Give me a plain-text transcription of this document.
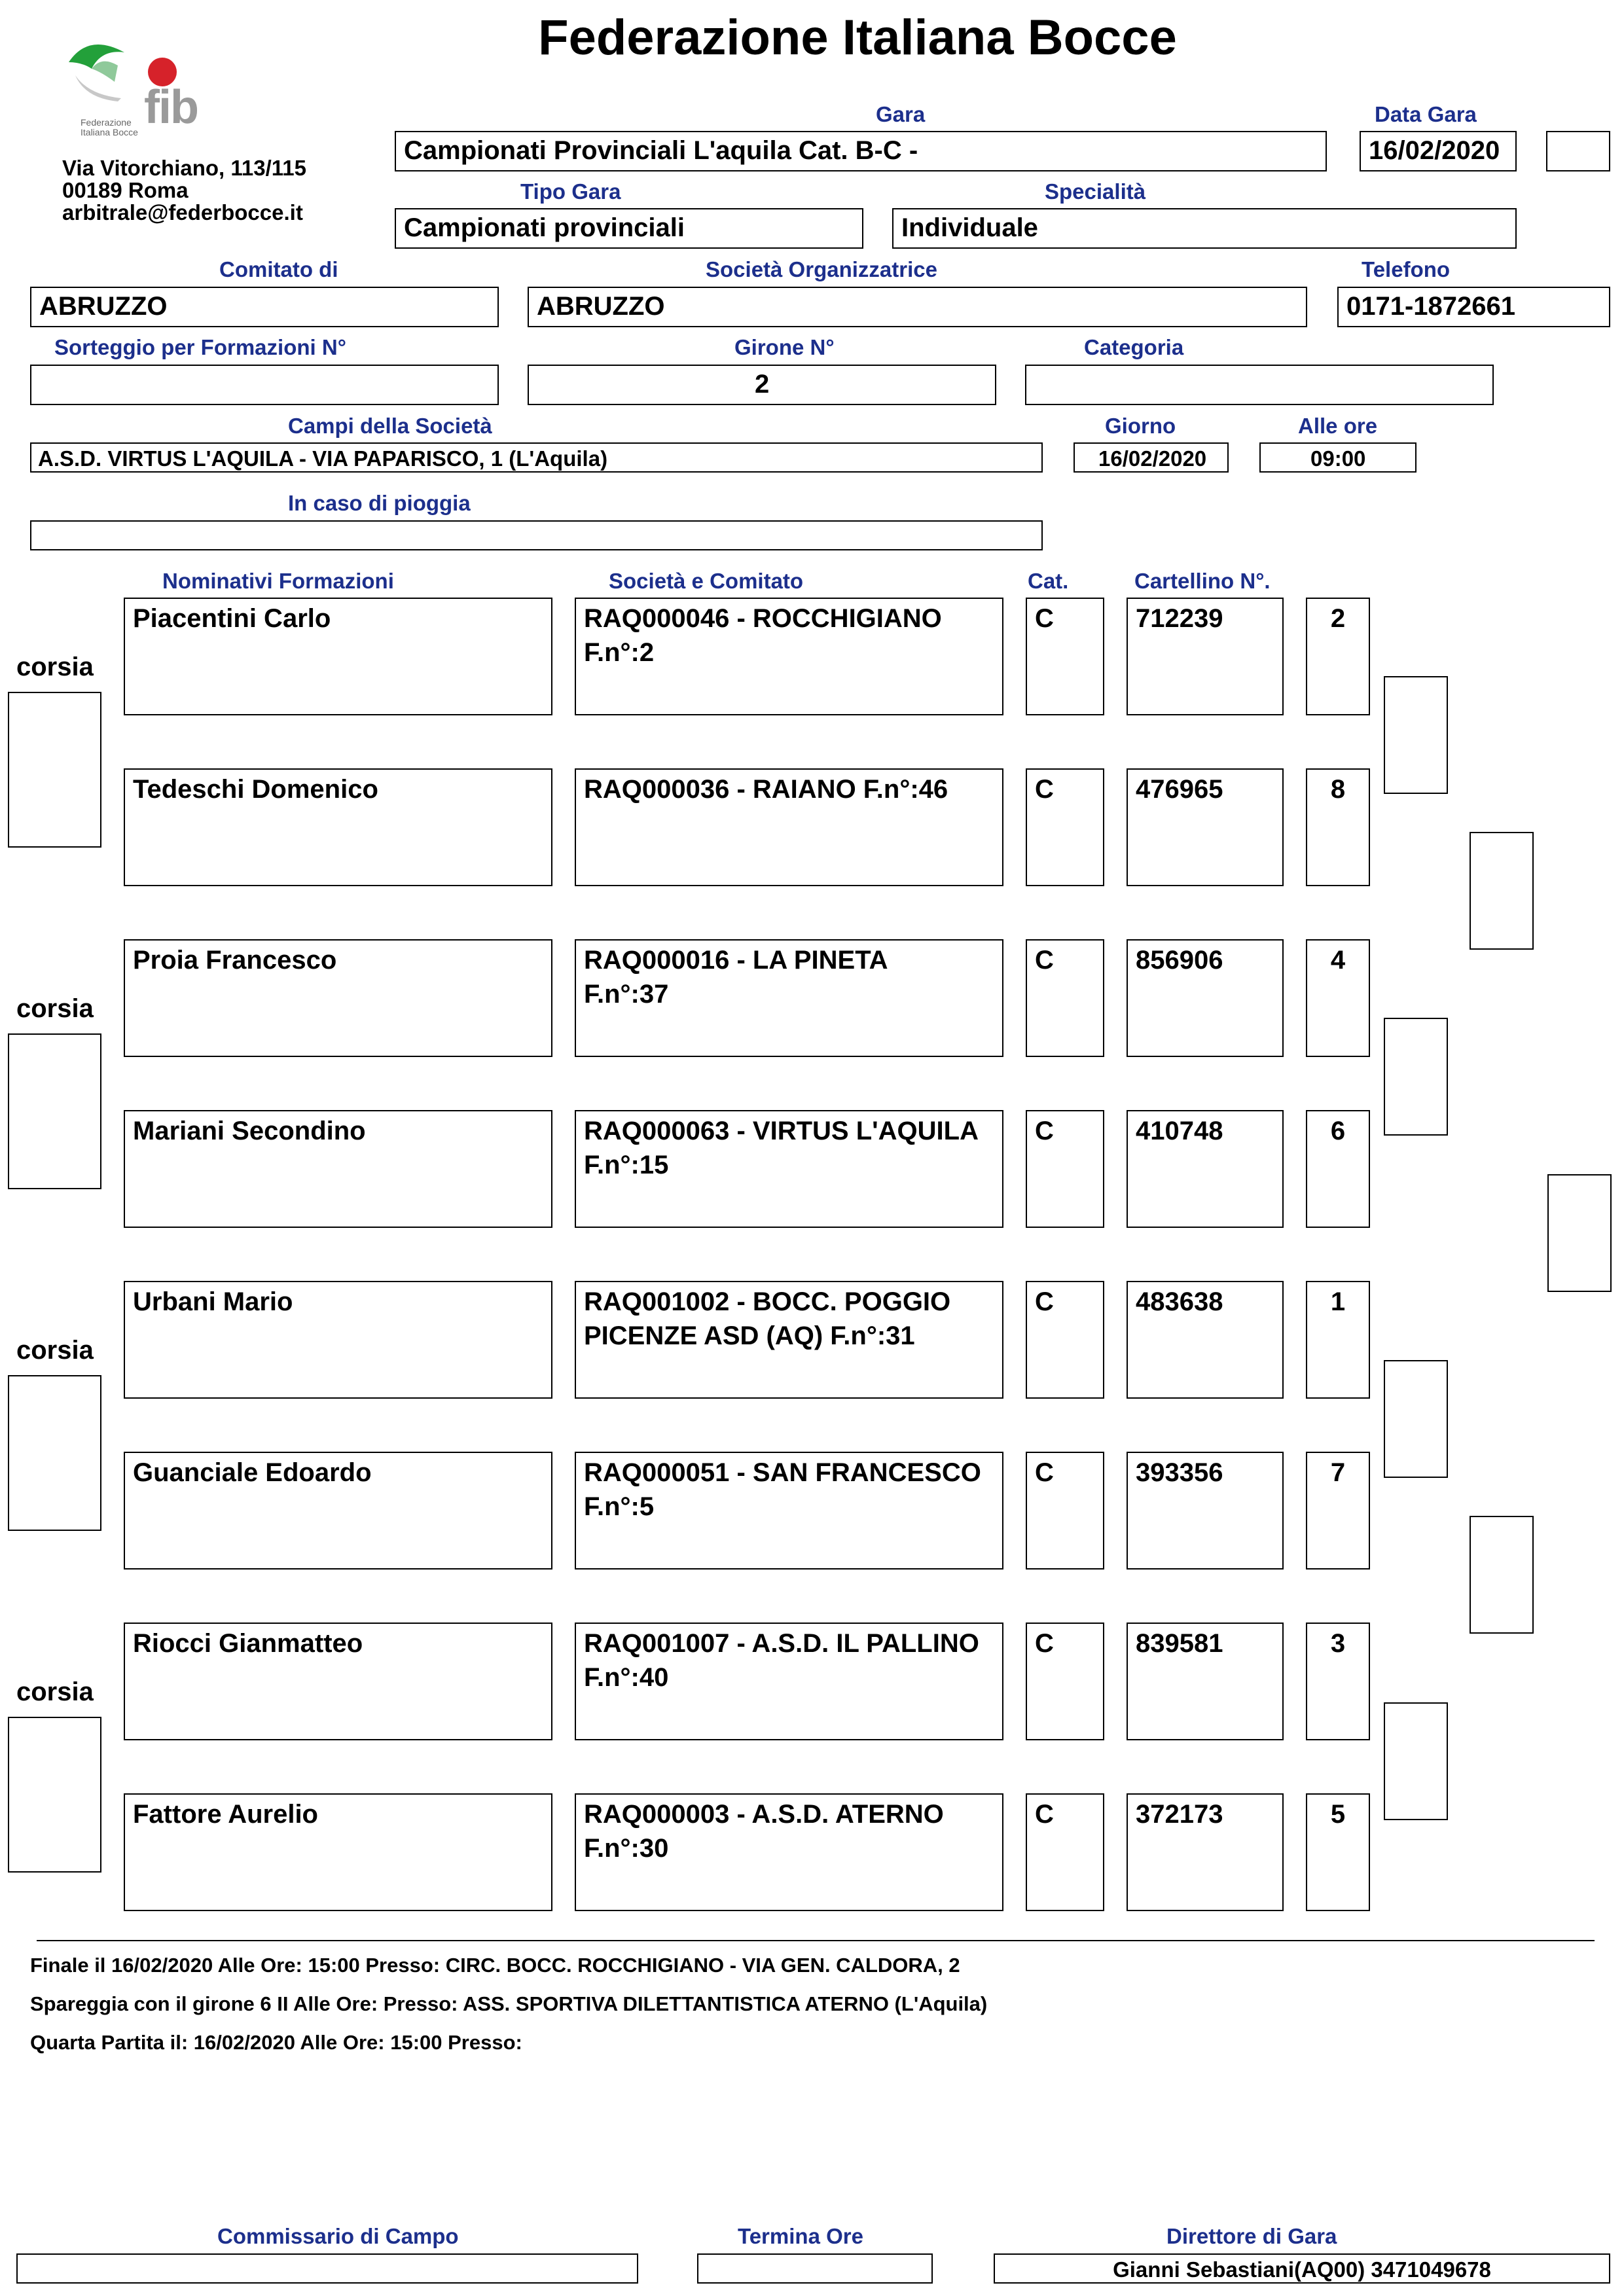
fib
Federazione Italiana Bocce
Federazione Italiana Bocce
Via Vitorchiano, 113/115
00189 Roma
arbitrale@federbocce.it
Gara
Campionati Provinciali L'aquila Cat. B-C -
Data Gara
16/02/2020
Tipo Gara
Campionati provinciali
Specialità
Individuale
Comitato di
ABRUZZO
Società Organizzatrice
ABRUZZO
Telefono
0171-1872661
Sorteggio per Formazioni N°	Girone N°
2
Categoria
Campi della Società
A.S.D. VIRTUS L'AQUILA - VIA PAPARISCO, 1 (L'Aquila)
Giorno
16/02/2020
Alle ore
09:00
In caso di pioggia
Nominativi Formazioni	Società e Comitato	Cat.	Cartellino N°.
Piacentini Carlo	RAQ000046 - ROCCHIGIANO
F.n°:2
C	712239	2
Tedeschi Domenico	RAQ000036 - RAIANO F.n°:46	C	476965	8
Proia Francesco	RAQ000016 - LA PINETA
F.n°:37
C	856906	4
Mariani Secondino	RAQ000063 - VIRTUS L'AQUILA
F.n°:15
C	410748	6
Urbani Mario	RAQ001002 - BOCC. POGGIO
PICENZE ASD (AQ) F.n°:31
C	483638	1
Guanciale Edoardo	RAQ000051 - SAN FRANCESCO
F.n°:5
C	393356	7
Riocci Gianmatteo	RAQ001007 - A.S.D. IL PALLINO
F.n°:40
C	839581	3
Fattore Aurelio	RAQ000003 - A.S.D. ATERNO
F.n°:30
C	372173	5
corsia
corsia
corsia
corsia
Finale il 16/02/2020 Alle Ore: 15:00 Presso: CIRC. BOCC. ROCCHIGIANO - VIA GEN. CALDORA, 2
Spareggia con il girone 6 II Alle Ore: Presso: ASS. SPORTIVA DILETTANTISTICA ATERNO (L'Aquila)
Quarta Partita il: 16/02/2020 Alle Ore: 15:00 Presso:
Commissario di Campo	Termina Ore	Direttore di Gara
Gianni Sebastiani(AQ00) 3471049678
